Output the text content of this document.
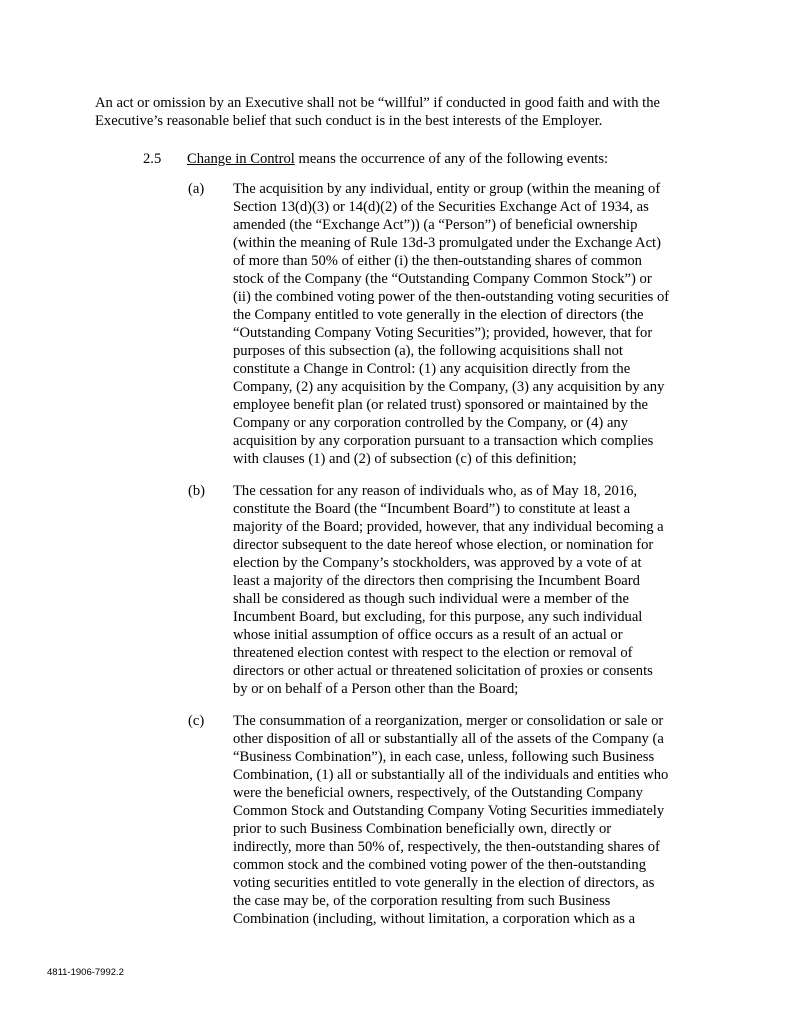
An act or omission by an Executive shall not be “willful” if conducted in good faith and with the
Executive’s reasonable belief that such conduct is in the best interests of the Employer.

2.5 Change in Control means the occurrence of any of the following events:
(a) The acquisition by any individual, entity or group (within the meaning of
Section 13(d)(3) or 14(d)(2) of the Securities Exchange Act of 1934, as
amended (the “Exchange Act”)) (a “Person”) of beneficial ownership
(within the meaning of Rule 13d-3 promulgated under the Exchange Act)
of more than 50% of either (i) the then-outstanding shares of common
stock of the Company (the “Outstanding Company Common Stock”) or
(ii) the combined voting power of the then-outstanding voting securities of
the Company entitled to vote generally in the election of directors (the
“Outstanding Company Voting Securities”); provided, however, that for
purposes of this subsection (a), the following acquisitions shall not
constitute a Change in Control: (1) any acquisition directly from the
Company, (2) any acquisition by the Company, (3) any acquisition by any
employee benefit plan (or related trust) sponsored or maintained by the
Company or any corporation controlled by the Company, or (4) any
acquisition by any corporation pursuant to a transaction which complies
with clauses (1) and (2) of subsection (c) of this definition;

(b) The cessation for any reason of individuals who, as of May 18, 2016,
constitute the Board (the “Incumbent Board”) to constitute at least a
majority of the Board; provided, however, that any individual becoming a
director subsequent to the date hereof whose election, or nomination for
election by the Company’s stockholders, was approved by a vote of at
least a majority of the directors then comprising the Incumbent Board
shall be considered as though such individual were a member of the
Incumbent Board, but excluding, for this purpose, any such individual
whose initial assumption of office occurs as a result of an actual or
threatened election contest with respect to the election or removal of
directors or other actual or threatened solicitation of proxies or consents
by or on behalf of a Person other than the Board;

(c) The consummation of a reorganization, merger or consolidation or sale or
other disposition of all or substantially all of the assets of the Company (a
“Business Combination”), in each case, unless, following such Business
Combination, (1) all or substantially all of the individuals and entities who
were the beneficial owners, respectively, of the Outstanding Company
Common Stock and Outstanding Company Voting Securities immediately
prior to such Business Combination beneficially own, directly or
indirectly, more than 50% of, respectively, the then-outstanding shares of
common stock and the combined voting power of the then-outstanding
voting securities entitled to vote generally in the election of directors, as
the case may be, of the corporation resulting from such Business
Combination (including, without limitation, a corporation which as a

4811-1906-7992.2
